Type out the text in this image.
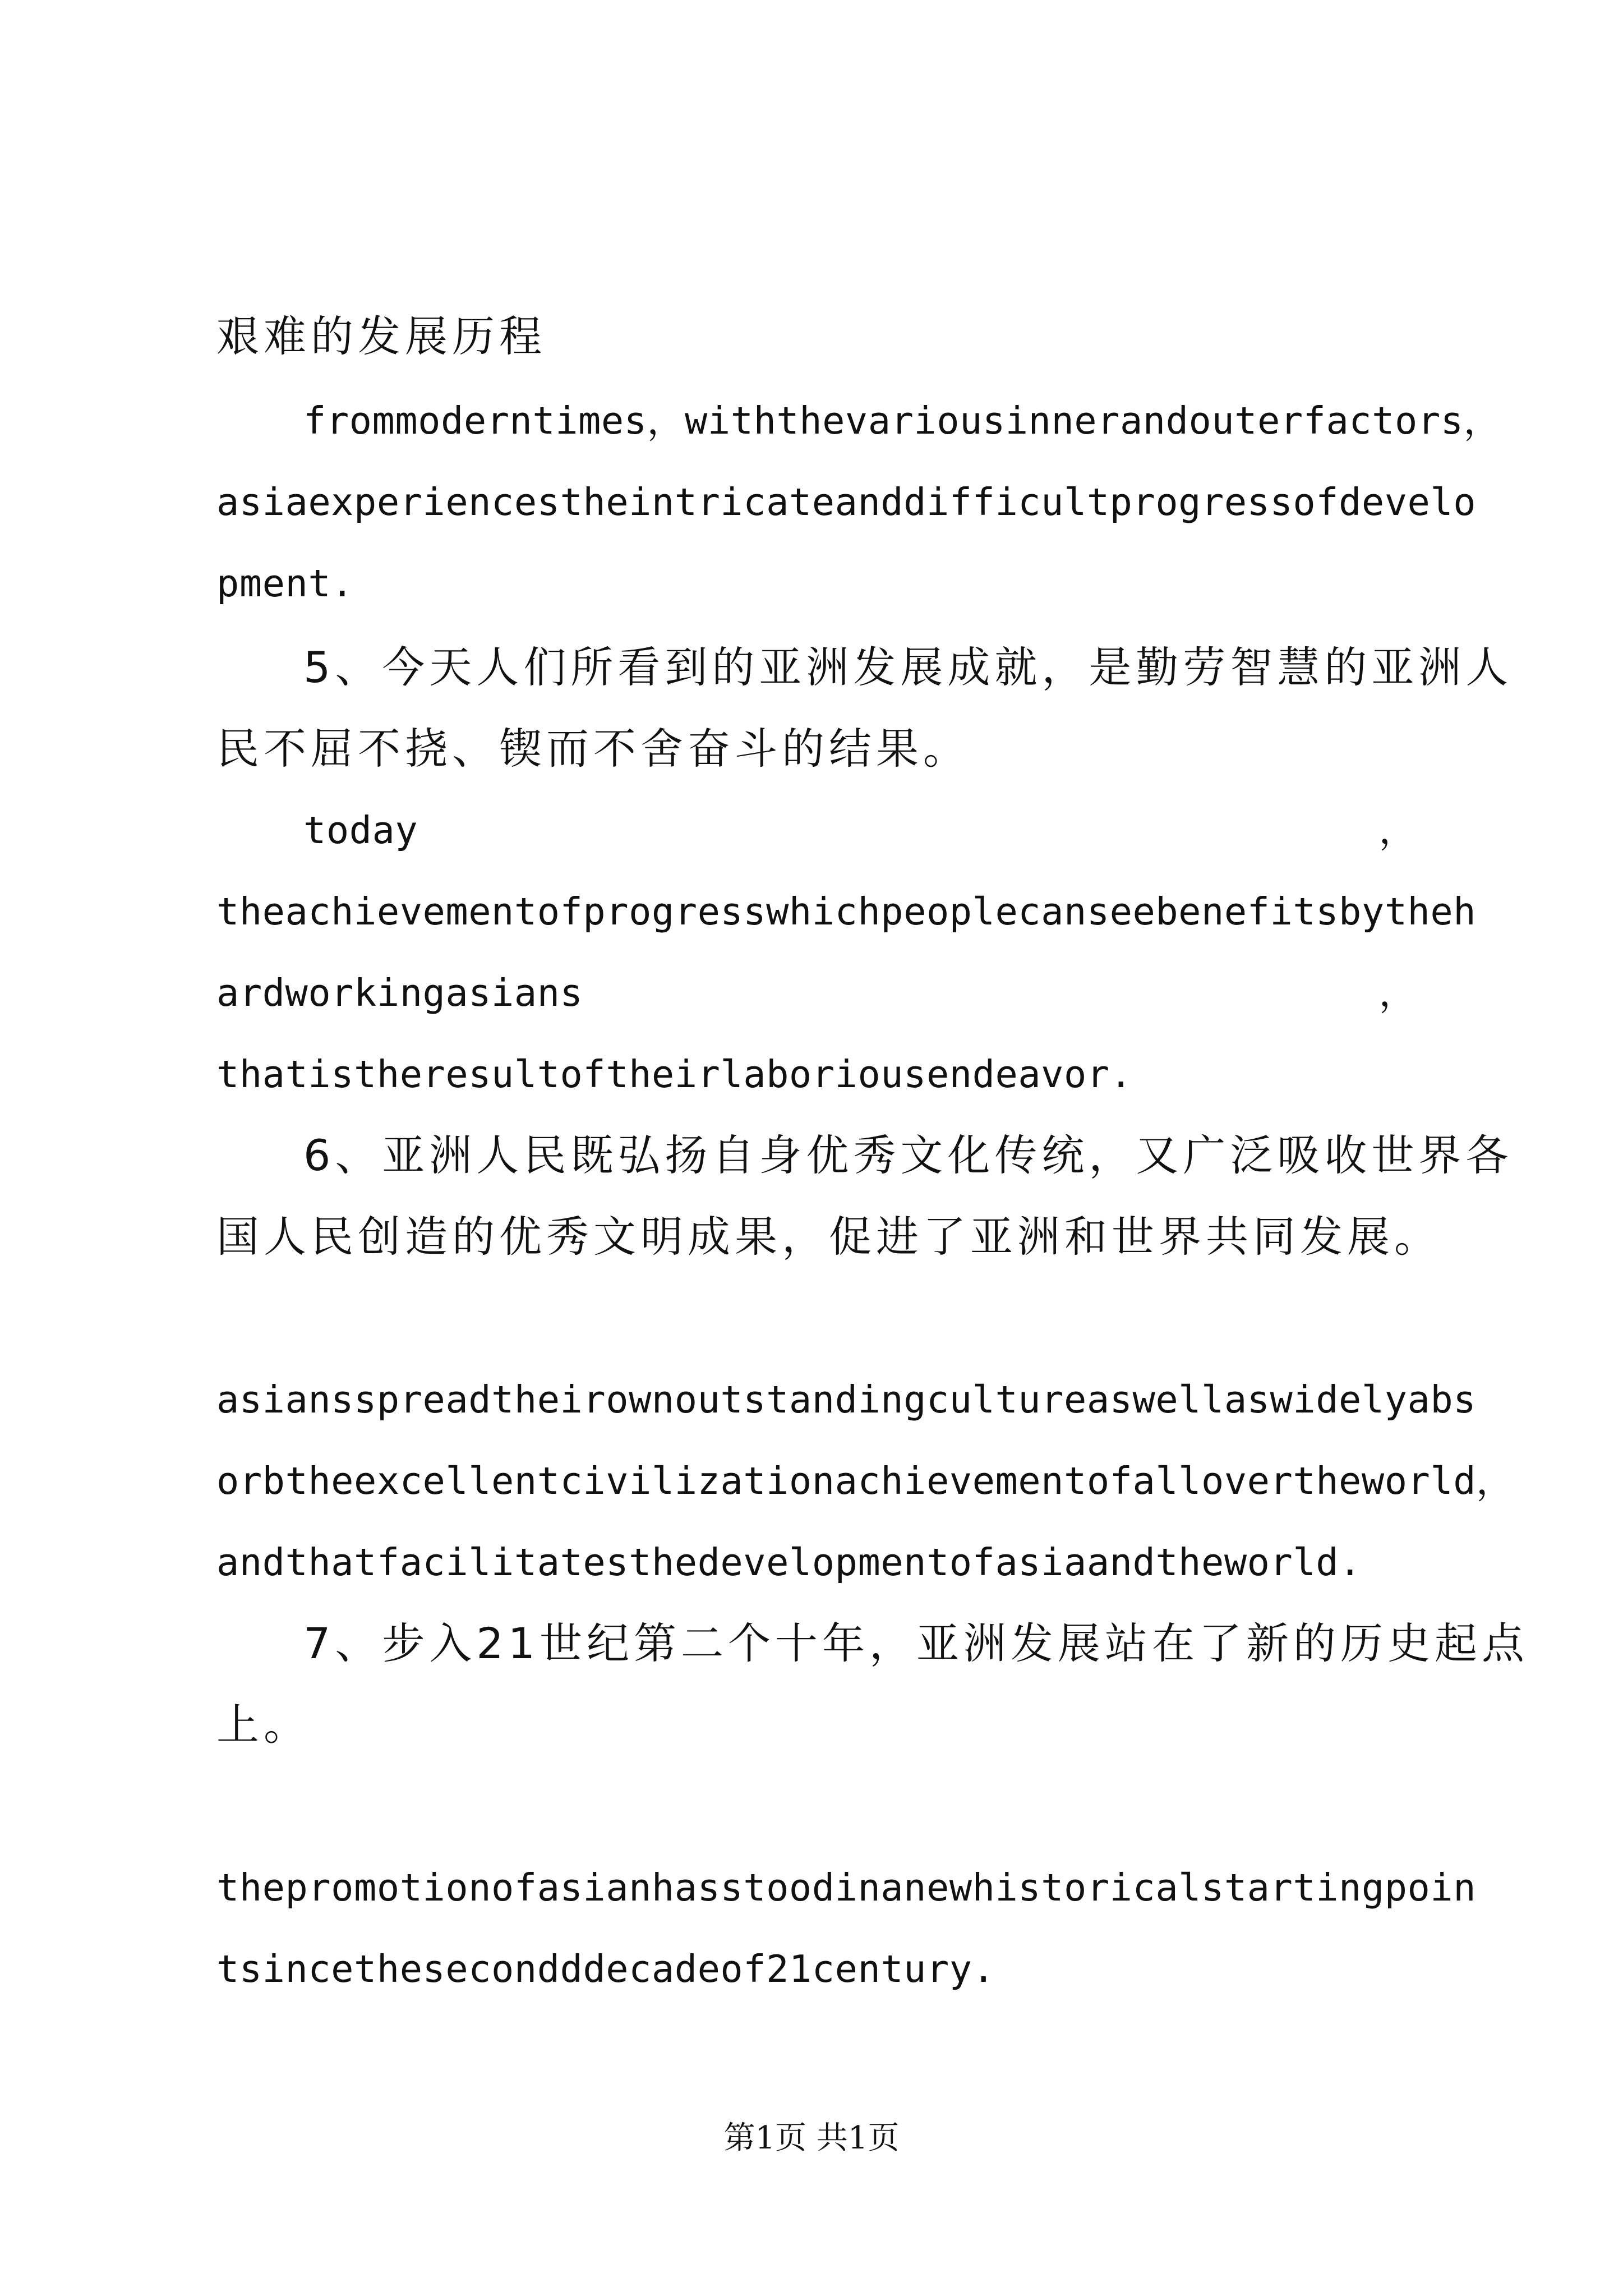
艰难的发展历程
frommoderntimes，withthevariousinnerandouterfactors，
asiaexperiencestheintricateanddifficultprogressofdevelo
pment.
5、今天人们所看到的亚洲发展成就，是勤劳智慧的亚洲人
民不屈不挠、锲而不舍奋斗的结果。
today	，
theachievementofprogresswhichpeoplecanseebenefitsbytheh
ardworkingasians	，
thatistheresultoftheirlaboriousendeavor.
6、亚洲人民既弘扬自身优秀文化传统，又广泛吸收世界各
国人民创造的优秀文明成果，促进了亚洲和世界共同发展。
asiansspreadtheirownoutstandingcultureaswellaswidelyabs
orbtheexcellentcivilizationachievementofallovertheworld，
andthatfacilitatesthedevelopmentofasiaandtheworld.
7、步入21世纪第二个十年，亚洲发展站在了新的历史起点
上。
thepromotionofasianhasstoodinanewhistoricalstartingpoin
tsincethesecondddecadeof21century.
第1页 共1页
